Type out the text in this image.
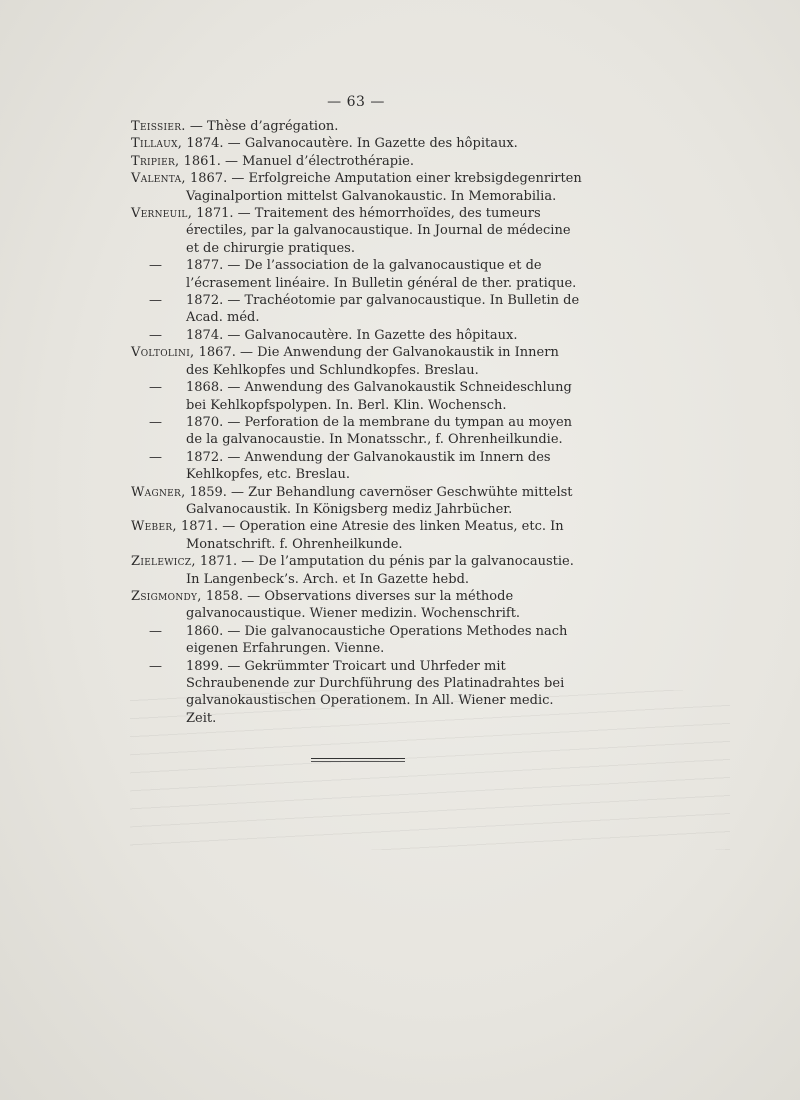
— 63 —

Teissier. — Thèse d’agrégation.

Tillaux, 1874. — Galvanocautère. In Gazette des hôpitaux.

Tripier, 1861. — Manuel d’électrothérapie.

Valenta, 1867. — Erfolgreiche Amputation einer krebsigdegenrirten Vaginalportion mittelst Galvanokaustic. In Memorabilia.

Verneuil, 1871. — Traitement des hémorrhoïdes, des tumeurs érectiles, par la galvanocaustique. In Journal de médecine et de chirurgie pratiques.

—	1877. — De l’association de la galvanocaustique et de l’écrasement linéaire. In Bulletin général de ther. pratique.

—	1872. — Trachéotomie par galvanocaustique. In Bulletin de Acad. méd.

—	1874. — Galvanocautère. In Gazette des hôpitaux.

Voltolini, 1867. — Die Anwendung der Galvanokaustik in Innern des Kehlkopfes und Schlundkopfes. Breslau.

—	1868. — Anwendung des Galvanokaustik Schneideschlung bei Kehlkopfspolypen. In. Berl. Klin. Wochensch.

—	1870. — Perforation de la membrane du tympan au moyen de la galvanocaustie. In Monatsschr., f. Ohrenheilkundie.

—	1872. — Anwendung der Galvanokaustik im Innern des Kehlkopfes, etc. Breslau.

Wagner, 1859. — Zur Behandlung cavernöser Geschwühte mittelst Galvanocaustik. In Königsberg mediz Jahrbücher.

Weber, 1871. — Operation eine Atresie des linken Meatus, etc. In Monatschrift. f. Ohrenheilkunde.

Zielewicz, 1871. — De l’amputation du pénis par la galvanocaustie. In Langenbeck’s. Arch. et In Gazette hebd.

Zsigmondy, 1858. — Observations diverses sur la méthode galvanocaustique. Wiener medizin. Wochenschrift.

—	1860. — Die galvanocaustiche Operations Methodes nach eigenen Erfahrungen. Vienne.

—	1899. — Gekrümmter Troicart und Uhrfeder mit Schraubenende zur Durchführung des Platinadrahtes bei galvanokaustischen Operationem. In All. Wiener medic. Zeit.
